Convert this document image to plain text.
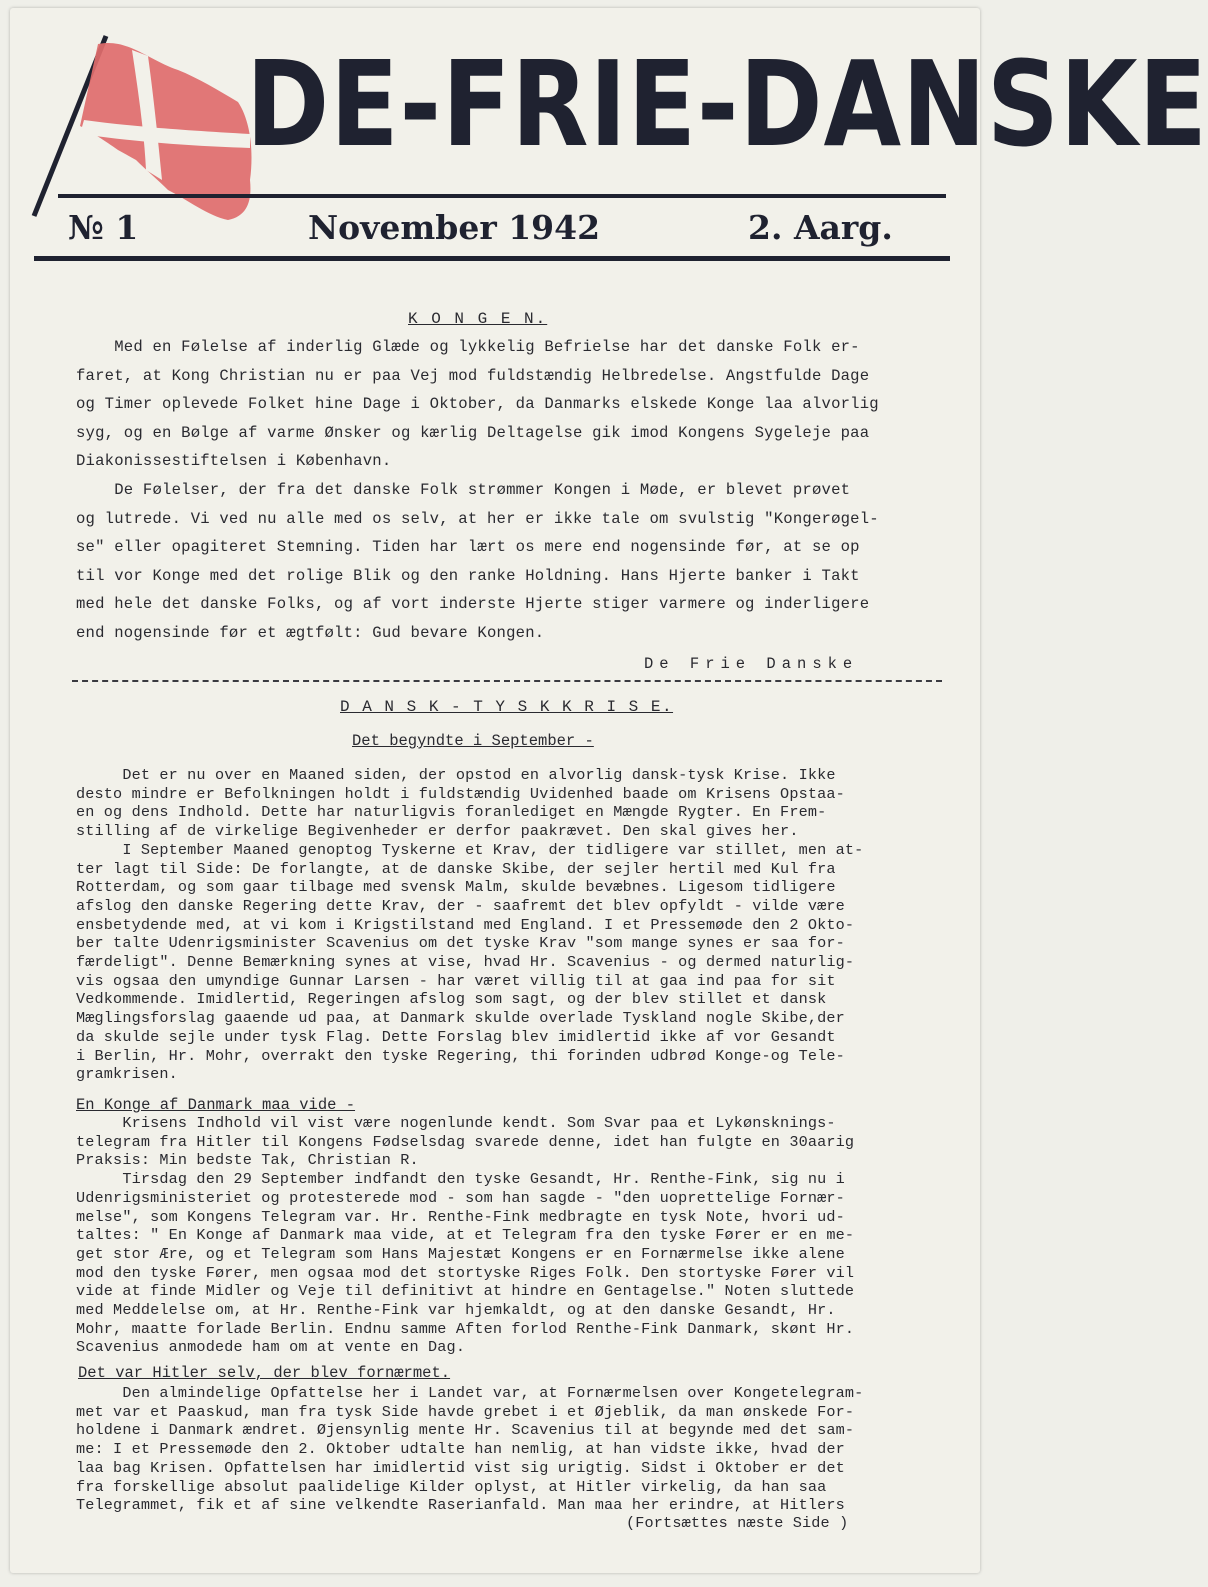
DE-FRIE-DANSKE
№ 1	November 1942	2. Aarg.
K O N G E N.
Med en Følelse af inderlig Glæde og lykkelig Befrielse har det danske Folk er-
faret, at Kong Christian nu er paa Vej mod fuldstændig Helbredelse. Angstfulde Dage
og Timer oplevede Folket hine Dage i Oktober, da Danmarks elskede Konge laa alvorlig
syg, og en Bølge af varme Ønsker og kærlig Deltagelse gik imod Kongens Sygeleje paa
Diakonissestiftelsen i København.
De Følelser, der fra det danske Folk strømmer Kongen i Møde, er blevet prøvet
og lutrede. Vi ved nu alle med os selv, at her er ikke tale om svulstig "Kongerøgel-
se" eller opagiteret Stemning. Tiden har lært os mere end nogensinde før, at se op
til vor Konge med det rolige Blik og den ranke Holdning. Hans Hjerte banker i Takt
med hele det danske Folks, og af vort inderste Hjerte stiger varmere og inderligere
end nogensinde før et ægtfølt: Gud bevare Kongen.
De Frie Danske
D A N S K - T Y S K K R I S E.
Det begyndte i September -
Det er nu over en Maaned siden, der opstod en alvorlig dansk-tysk Krise. Ikke
desto mindre er Befolkningen holdt i fuldstændig Uvidenhed baade om Krisens Opstaa-
en og dens Indhold. Dette har naturligvis foranlediget en Mængde Rygter. En Frem-
stilling af de virkelige Begivenheder er derfor paakrævet. Den skal gives her.
I September Maaned genoptog Tyskerne et Krav, der tidligere var stillet, men at-
ter lagt til Side: De forlangte, at de danske Skibe, der sejler hertil med Kul fra
Rotterdam, og som gaar tilbage med svensk Malm, skulde bevæbnes. Ligesom tidligere
afslog den danske Regering dette Krav, der - saafremt det blev opfyldt - vilde være
ensbetydende med, at vi kom i Krigstilstand med England. I et Pressemøde den 2 Okto-
ber talte Udenrigsminister Scavenius om det tyske Krav "som mange synes er saa for-
færdeligt". Denne Bemærkning synes at vise, hvad Hr. Scavenius - og dermed naturlig-
vis ogsaa den umyndige Gunnar Larsen - har været villig til at gaa ind paa for sit
Vedkommende. Imidlertid, Regeringen afslog som sagt, og der blev stillet et dansk
Mæglingsforslag gaaende ud paa, at Danmark skulde overlade Tyskland nogle Skibe,der
da skulde sejle under tysk Flag. Dette Forslag blev imidlertid ikke af vor Gesandt
i Berlin, Hr. Mohr, overrakt den tyske Regering, thi forinden udbrød Konge-og Tele-
gramkrisen.
En Konge af Danmark maa vide -
Krisens Indhold vil vist være nogenlunde kendt. Som Svar paa et Lykønsknings-
telegram fra Hitler til Kongens Fødselsdag svarede denne, idet han fulgte en 30aarig
Praksis: Min bedste Tak, Christian R.
Tirsdag den 29 September indfandt den tyske Gesandt, Hr. Renthe-Fink, sig nu i
Udenrigsministeriet og protesterede mod - som han sagde - "den uoprettelige Fornær-
melse", som Kongens Telegram var. Hr. Renthe-Fink medbragte en tysk Note, hvori ud-
taltes: " En Konge af Danmark maa vide, at et Telegram fra den tyske Fører er en me-
get stor Ære, og et Telegram som Hans Majestæt Kongens er en Fornærmelse ikke alene
mod den tyske Fører, men ogsaa mod det stortyske Riges Folk. Den stortyske Fører vil
vide at finde Midler og Veje til definitivt at hindre en Gentagelse." Noten sluttede
med Meddelelse om, at Hr. Renthe-Fink var hjemkaldt, og at den danske Gesandt, Hr.
Mohr, maatte forlade Berlin. Endnu samme Aften forlod Renthe-Fink Danmark, skønt Hr.
Scavenius anmodede ham om at vente en Dag.
Det var Hitler selv, der blev fornærmet.
Den almindelige Opfattelse her i Landet var, at Fornærmelsen over Kongetelegram-
met var et Paaskud, man fra tysk Side havde grebet i et Øjeblik, da man ønskede For-
holdene i Danmark ændret. Øjensynlig mente Hr. Scavenius til at begynde med det sam-
me: I et Pressemøde den 2. Oktober udtalte han nemlig, at han vidste ikke, hvad der
laa bag Krisen. Opfattelsen har imidlertid vist sig urigtig. Sidst i Oktober er det
fra forskellige absolut paalidelige Kilder oplyst, at Hitler virkelig, da han saa
Telegrammet, fik et af sine velkendte Raserianfald. Man maa her erindre, at Hitlers
(Fortsættes næste Side )
